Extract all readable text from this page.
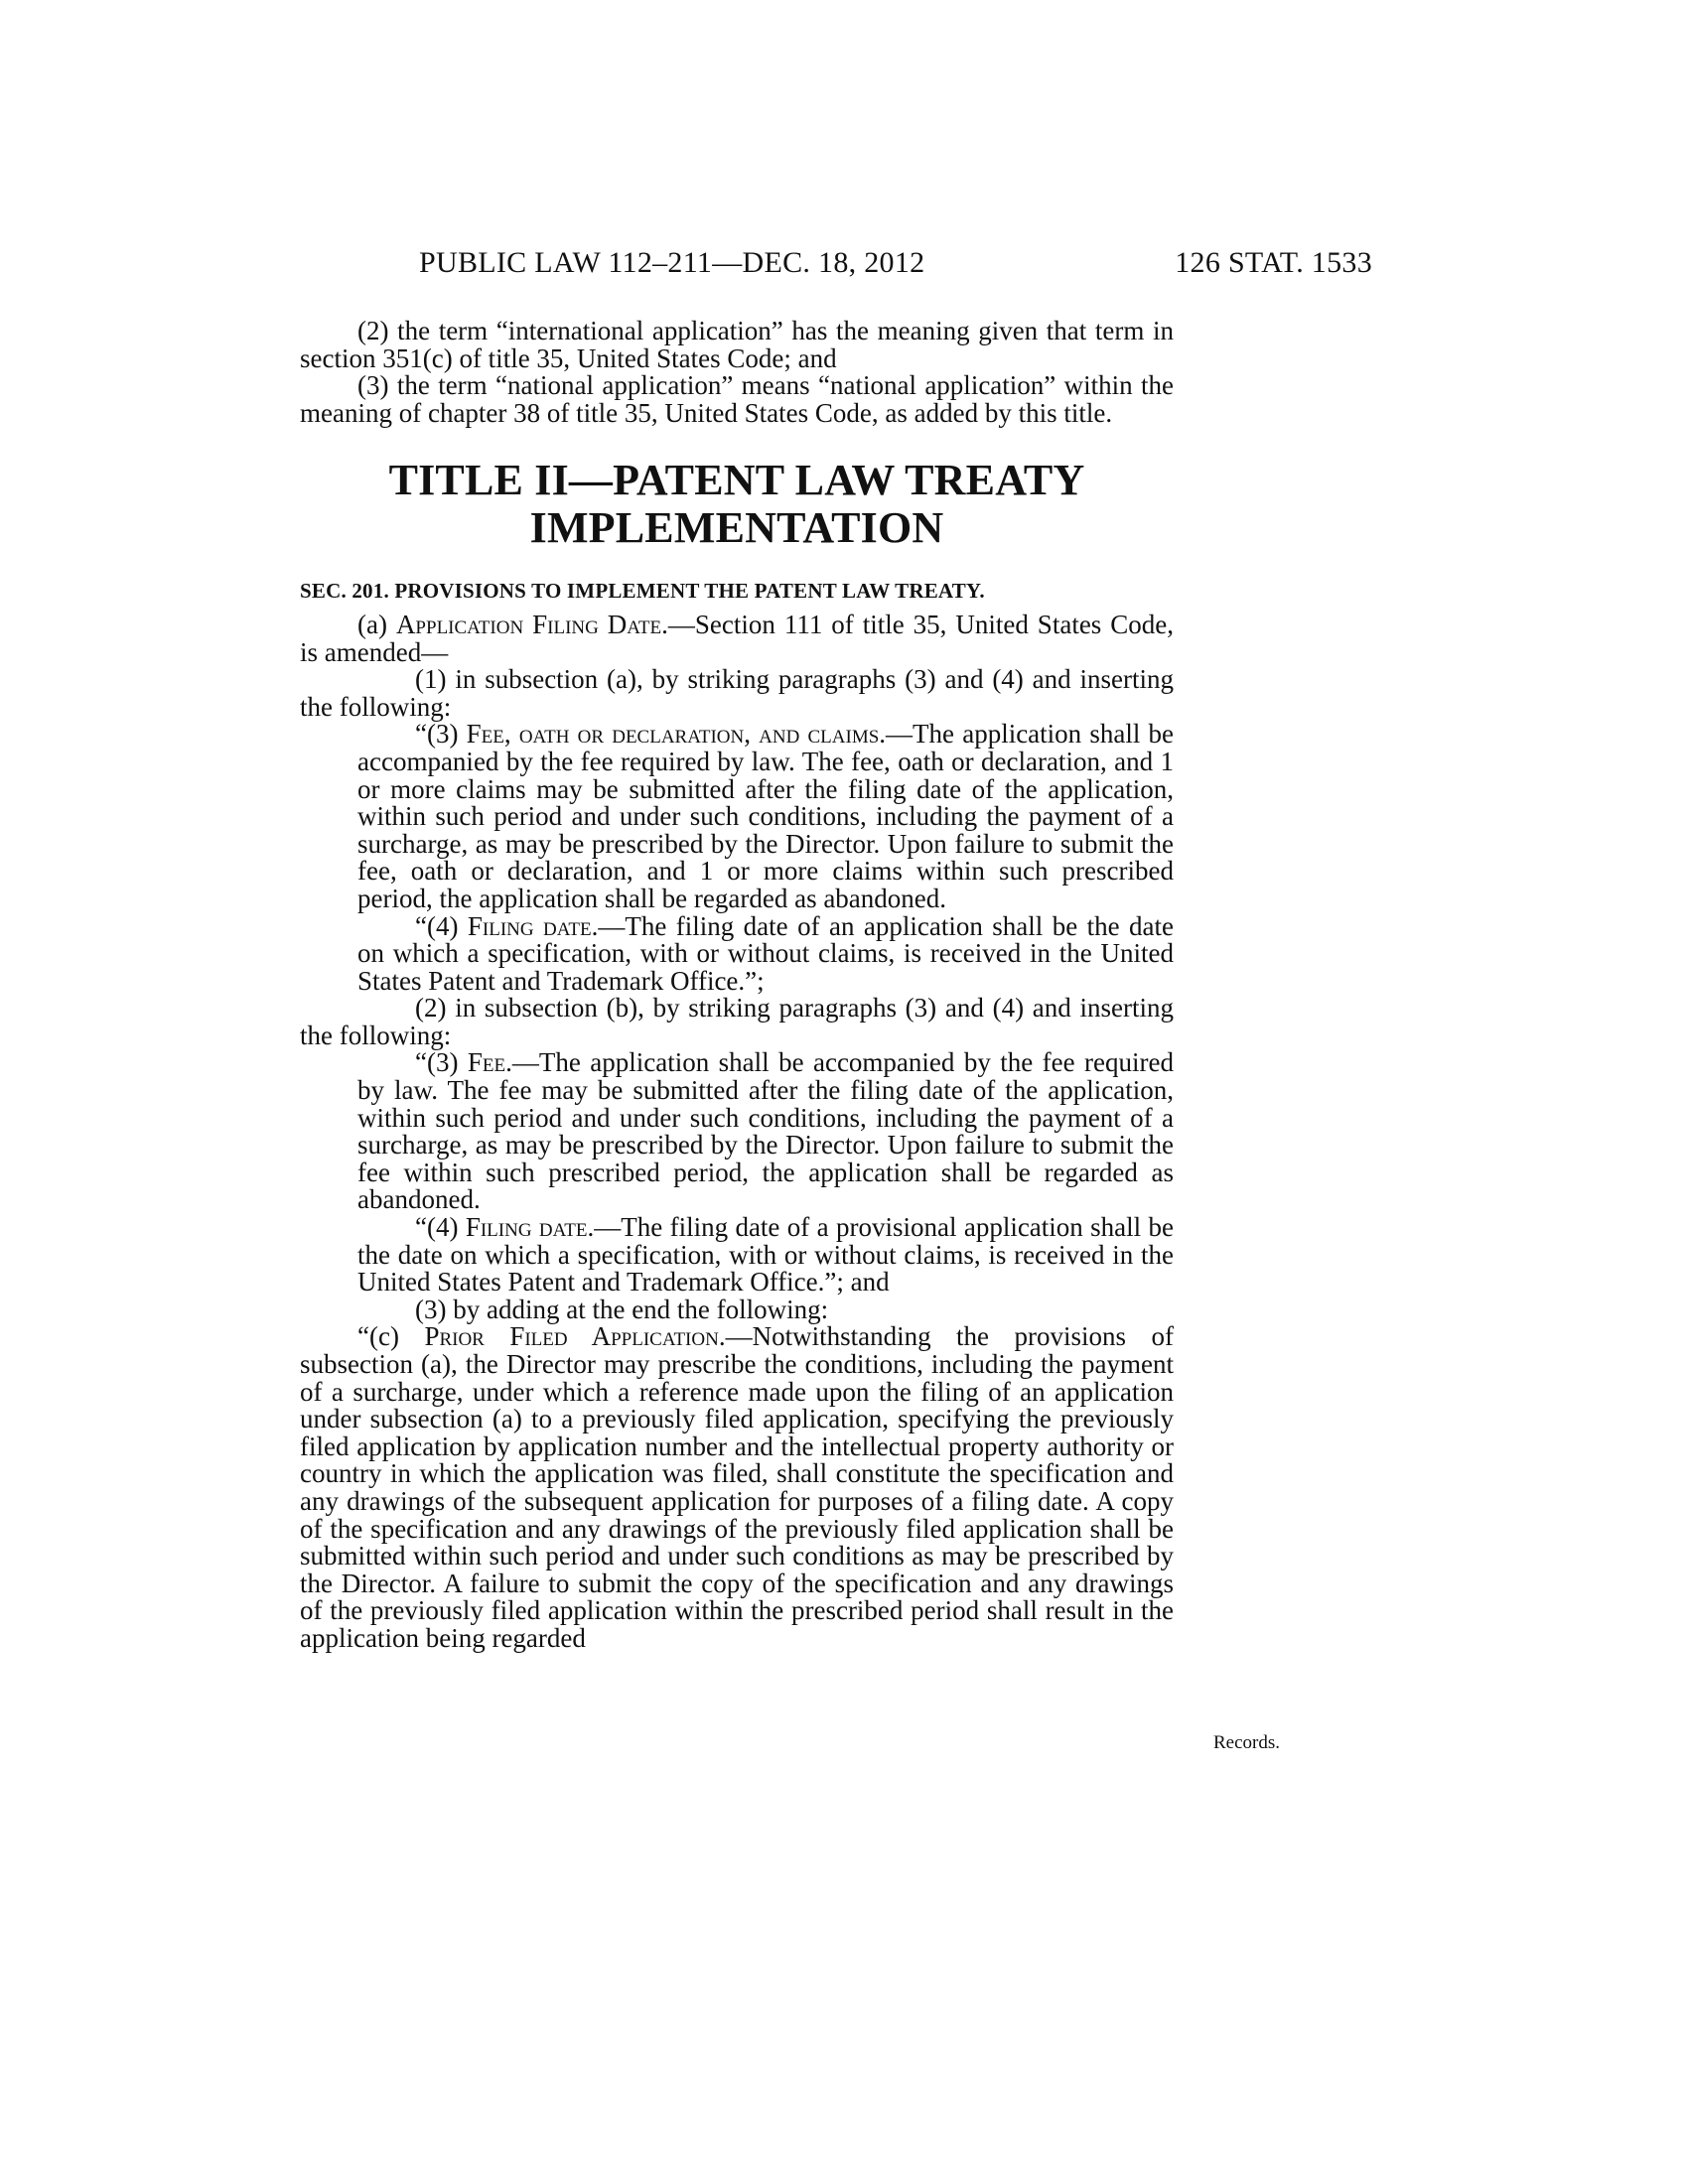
PUBLIC LAW 112–211—DEC. 18, 2012	126 STAT. 1533

(2) the term “international application” has the meaning given that term in section 351(c) of title 35, United States Code; and

(3) the term “national application” means “national application” within the meaning of chapter 38 of title 35, United States Code, as added by this title.

TITLE II—PATENT LAW TREATY
IMPLEMENTATION
SEC. 201. PROVISIONS TO IMPLEMENT THE PATENT LAW TREATY.

(a) Application Filing Date.—Section 111 of title 35, United States Code, is amended—

(1) in subsection (a), by striking paragraphs (3) and (4) and inserting the following:

“(3) Fee, oath or declaration, and claims.—The application shall be accompanied by the fee required by law. The fee, oath or declaration, and 1 or more claims may be submitted after the filing date of the application, within such period and under such conditions, including the payment of a surcharge, as may be prescribed by the Director. Upon failure to submit the fee, oath or declaration, and 1 or more claims within such prescribed period, the application shall be regarded as abandoned.

“(4) Filing date.—The filing date of an application shall be the date on which a specification, with or without claims, is received in the United States Patent and Trademark Office.”;

(2) in subsection (b), by striking paragraphs (3) and (4) and inserting the following:

“(3) Fee.—The application shall be accompanied by the fee required by law. The fee may be submitted after the filing date of the application, within such period and under such conditions, including the payment of a surcharge, as may be prescribed by the Director. Upon failure to submit the fee within such prescribed period, the application shall be regarded as abandoned.

“(4) Filing date.—The filing date of a provisional application shall be the date on which a specification, with or without claims, is received in the United States Patent and Trademark Office.”; and

(3) by adding at the end the following:

“(c) Prior Filed Application.—Notwithstanding the provisions of subsection (a), the Director may prescribe the conditions, including the payment of a surcharge, under which a reference made upon the filing of an application under subsection (a) to a previously filed application, specifying the previously filed application by application number and the intellectual property authority or country in which the application was filed, shall constitute the specification and any drawings of the subsequent application for purposes of a filing date. A copy of the specification and any drawings of the previously filed application shall be submitted within such period and under such conditions as may be prescribed by the Director. A failure to submit the copy of the specification and any drawings of the previously filed application within the prescribed period shall result in the application being regarded

Records.
